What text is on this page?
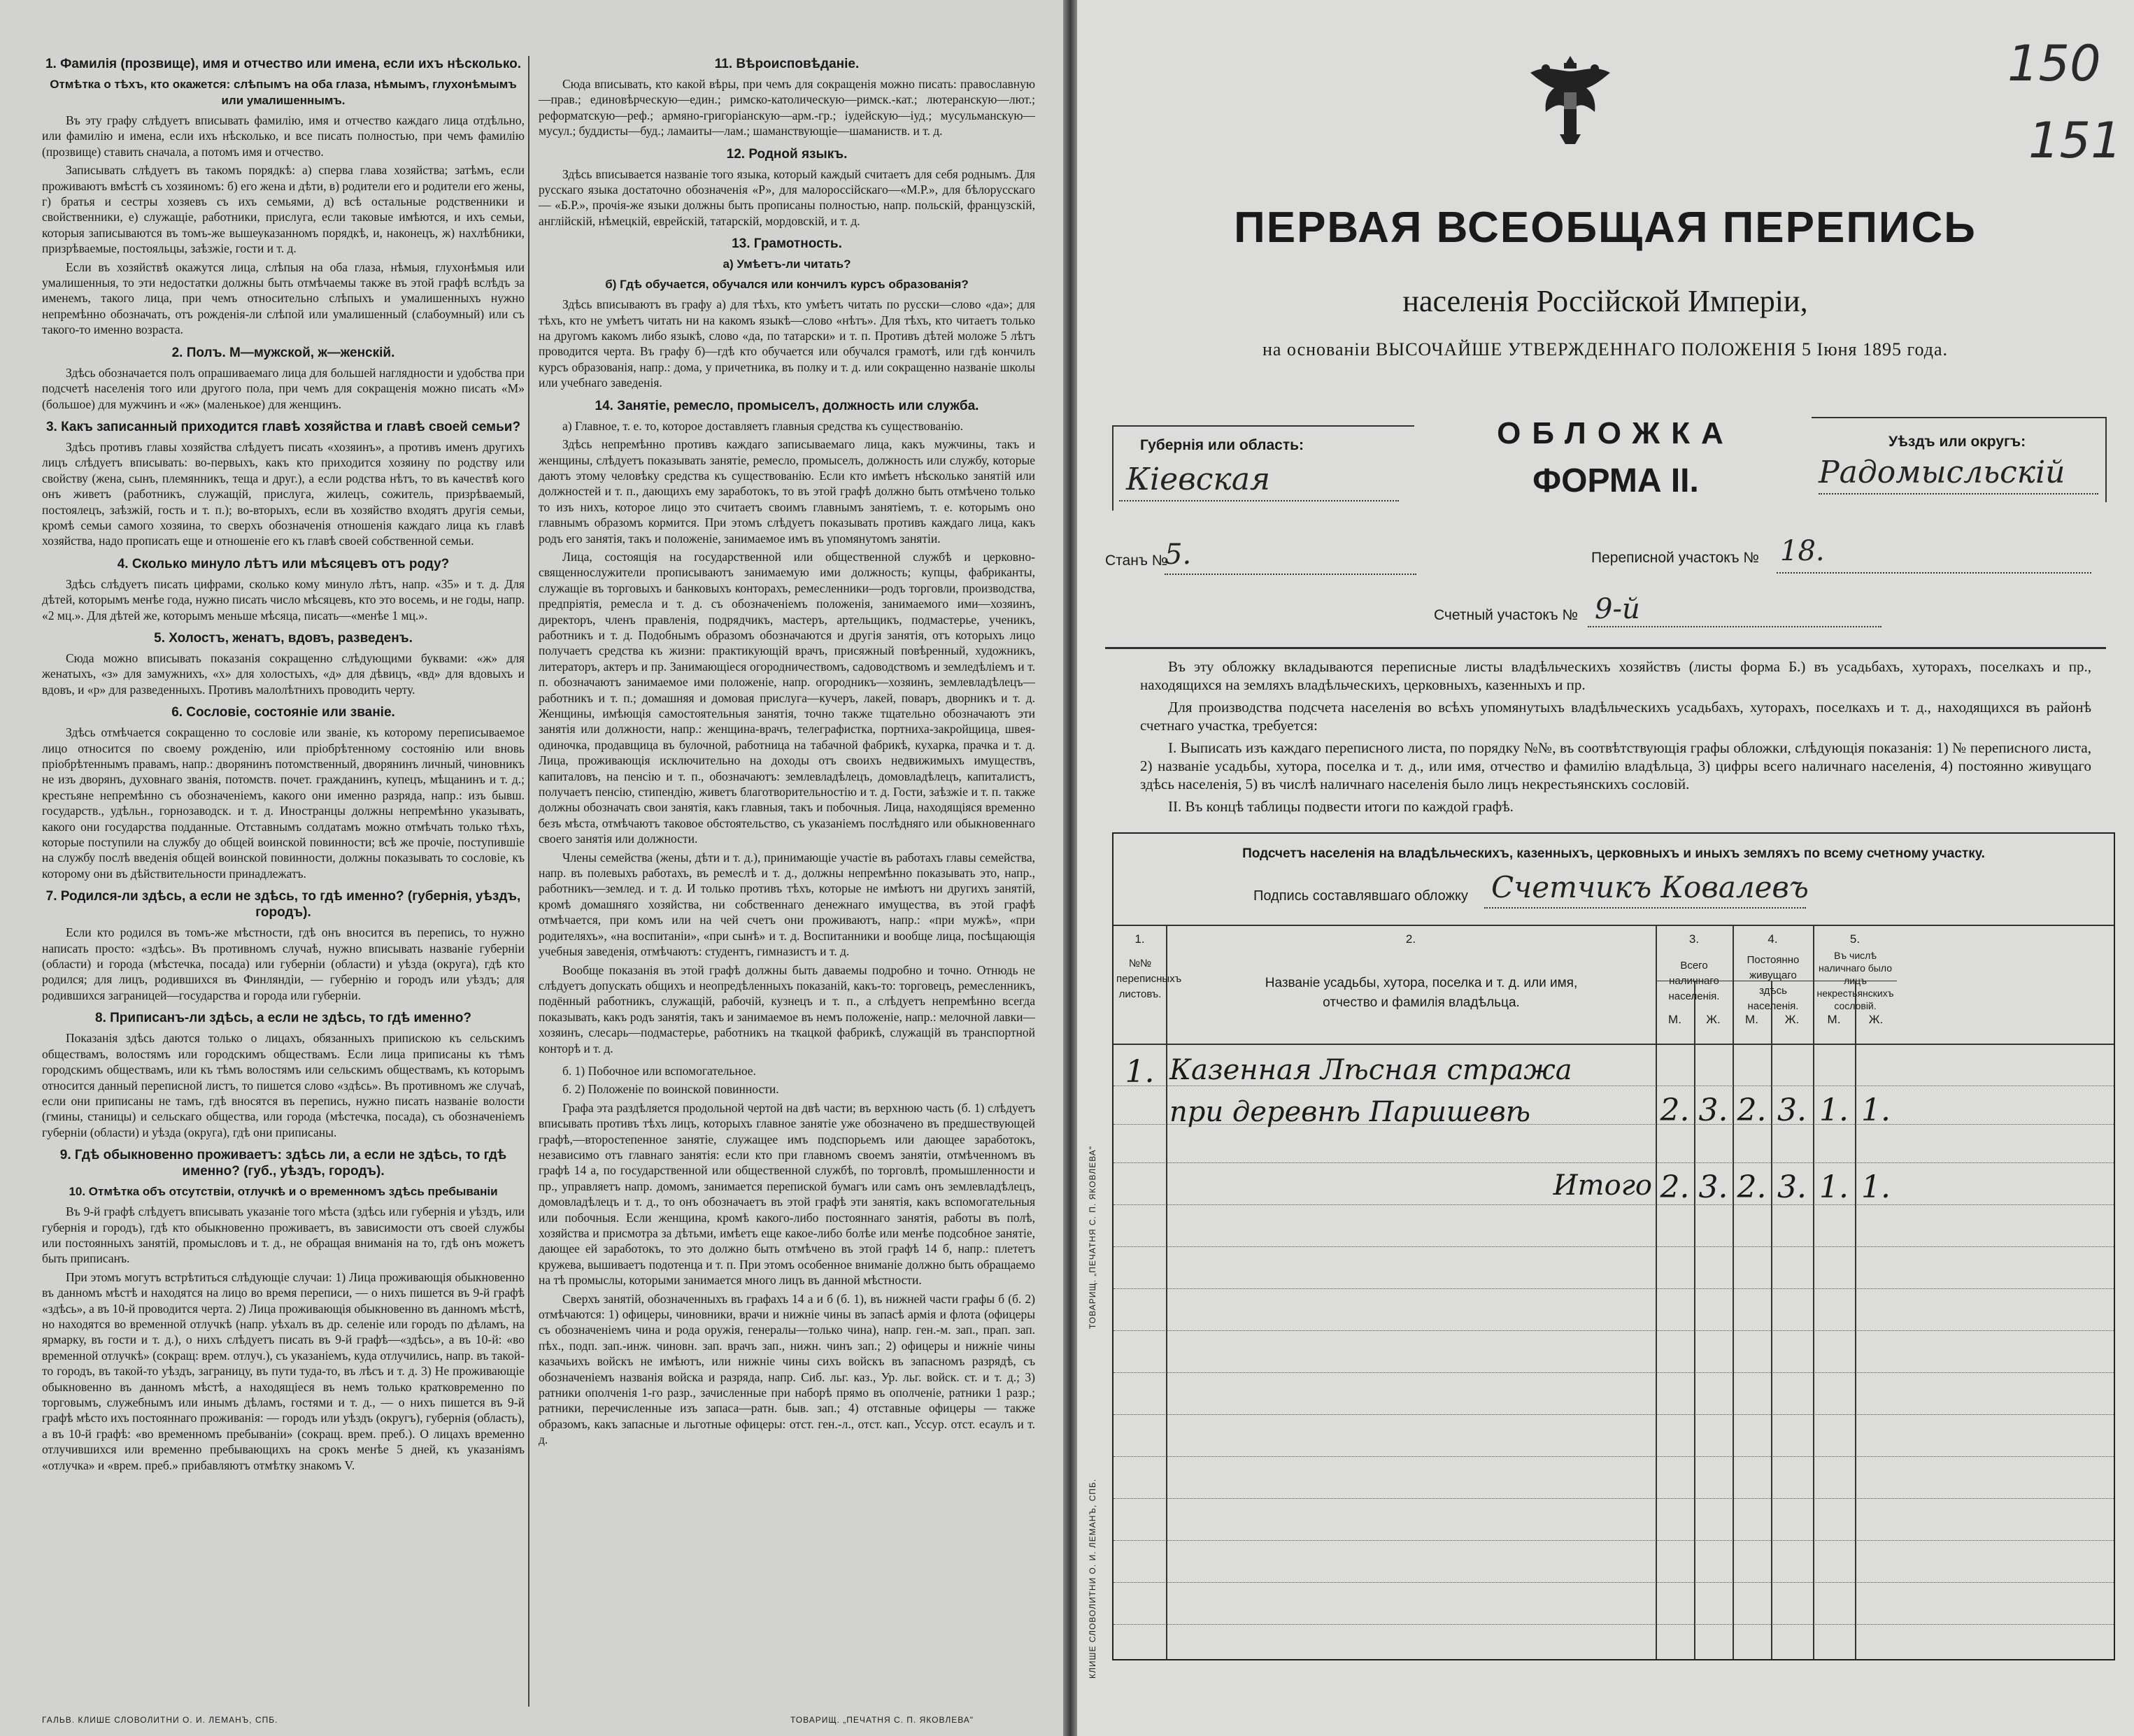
1. Фамилія (прозвище), имя и отчество или имена, если ихъ нѣсколько.
Отмѣтка о тѣхъ, кто окажется: слѣпымъ на оба глаза, нѣмымъ, глухонѣмымъ или умалишеннымъ.

Въ эту графу слѣдуетъ вписывать фамилію, имя и отчество каждаго лица отдѣльно, или фамилію и имена, если ихъ нѣсколько, и все писать полностью, при чемъ фамилію (прозвище) ставить сначала, а потомъ имя и отчество.

Записывать слѣдуетъ въ такомъ порядкѣ: а) сперва глава хозяйства; затѣмъ, если проживаютъ вмѣстѣ съ хозяиномъ: б) его жена и дѣти, в) родители его и родители его жены, г) братья и сестры хозяевъ съ ихъ семьями, д) всѣ остальные родственники и свойственники, е) служащіе, работники, прислуга, если таковые имѣются, и ихъ семьи, которыя записываются въ томъ-же вышеуказанномъ порядкѣ, и, наконецъ, ж) нахлѣбники, призрѣваемые, постояльцы, заѣзжіе, гости и т. д.

Если въ хозяйствѣ окажутся лица, слѣпыя на оба глаза, нѣмыя, глухонѣмыя или умалишенныя, то эти недостатки должны быть отмѣчаемы также въ этой графѣ вслѣдъ за именемъ, такого лица, при чемъ относительно слѣпыхъ и умалишенныхъ нужно непремѣнно обозначать, отъ рожденія-ли слѣпой или умалишенный (слабоумный) или съ такого-то именно возраста.

2. Полъ. М—мужской, ж—женскій.

Здѣсь обозначается полъ опрашиваемаго лица для большей наглядности и удобства при подсчетѣ населенія того или другого пола, при чемъ для сокращенія можно писать «М» (большое) для мужчинъ и «ж» (маленькое) для женщинъ.

3. Какъ записанный приходится главѣ хозяйства и главѣ своей семьи?

Здѣсь противъ главы хозяйства слѣдуетъ писать «хозяинъ», а противъ именъ другихъ лицъ слѣдуетъ вписывать: во-первыхъ, какъ кто приходится хозяину по родству или свойству (жена, сынъ, племянникъ, теща и друг.), а если родства нѣтъ, то въ качествѣ кого онъ живетъ (работникъ, служащій, прислуга, жилецъ, сожитель, призрѣваемый, постоялецъ, заѣзжій, гость и т. п.); во-вторыхъ, если въ хозяйство входятъ другія семьи, кромѣ семьи самого хозяина, то сверхъ обозначенія отношенія каждаго лица къ главѣ хозяйства, надо прописать еще и отношеніе его къ главѣ своей собственной семьи.

4. Сколько минуло лѣтъ или мѣсяцевъ отъ роду?

Здѣсь слѣдуетъ писать цифрами, сколько кому минуло лѣтъ, напр. «35» и т. д. Для дѣтей, которымъ менѣе года, нужно писать число мѣсяцевъ, кто это восемь, и не годы, напр. «2 мц.». Для дѣтей же, которымъ меньше мѣсяца, писать—«менѣе 1 мц.».

5. Холостъ, женатъ, вдовъ, разведенъ.

Сюда можно вписывать показанія сокращенно слѣдующими буквами: «ж» для женатыхъ, «з» для замужнихъ, «х» для холостыхъ, «д» для дѣвицъ, «вд» для вдовыхъ и вдовъ, и «р» для разведенныхъ. Противъ малолѣтнихъ проводить черту.

6. Сословіе, состояніе или званіе.

Здѣсь отмѣчается сокращенно то сословіе или званіе, къ которому переписываемое лицо относится по своему рожденію, или пріобрѣтенному состоянію или вновь пріобрѣтеннымъ правамъ, напр.: дворянинъ потомственный, дворянинъ личный, чиновникъ не изъ дворянъ, духовнаго званія, потомств. почет. гражданинъ, купецъ, мѣщанинъ и т. д.; крестьяне непремѣнно съ обозначеніемъ, какого они именно разряда, напр.: изъ бывш. государств., удѣльн., горнозаводск. и т. д. Иностранцы должны непремѣнно указывать, какого они государства подданные. Отставнымъ солдатамъ можно отмѣчать только тѣхъ, которые поступили на службу до общей воинской повинности; всѣ же прочіе, поступившіе на службу послѣ введенія общей воинской повинности, должны показывать то сословіе, къ которому они въ дѣйствительности принадлежатъ.

7. Родился-ли здѣсь, а если не здѣсь, то гдѣ именно? (губернія, уѣздъ, городъ).

Если кто родился въ томъ-же мѣстности, гдѣ онъ вносится въ перепись, то нужно написать просто: «здѣсь». Въ противномъ случаѣ, нужно вписывать названіе губерніи (области) и города (мѣстечка, посада) или губерніи (области) и уѣзда (округа), гдѣ кто родился; для лицъ, родившихся въ Финляндіи, — губернію и городъ или уѣздъ; для родившихся заграницей—государства и города или губерніи.

8. Приписанъ-ли здѣсь, а если не здѣсь, то гдѣ именно?

Показанія здѣсь даются только о лицахъ, обязанныхъ припискою къ сельскимъ обществамъ, волостямъ или городскимъ обществамъ. Если лица приписаны къ тѣмъ городскимъ обществамъ, или къ тѣмъ волостямъ или сельскимъ обществамъ, къ которымъ относится данный переписной листъ, то пишется слово «здѣсь». Въ противномъ же случаѣ, если они приписаны не тамъ, гдѣ вносятся въ перепись, нужно писать названіе волости (гмины, станицы) и сельскаго общества, или города (мѣстечка, посада), съ обозначеніемъ губерніи (области) и уѣзда (округа), гдѣ они приписаны.

9. Гдѣ обыкновенно проживаетъ: здѣсь ли, а если не здѣсь, то гдѣ именно? (губ., уѣздъ, городъ).
10. Отмѣтка объ отсутствіи, отлучкѣ и о временномъ здѣсь пребываніи

Въ 9-й графѣ слѣдуетъ вписывать указаніе того мѣста (здѣсь или губернія и уѣздъ, или губернія и городъ), гдѣ кто обыкновенно проживаетъ, въ зависимости отъ своей службы или постоянныхъ занятій, промысловъ и т. д., не обращая вниманія на то, гдѣ онъ можетъ быть приписанъ.

При этомъ могутъ встрѣтиться слѣдующіе случаи: 1) Лица проживающія обыкновенно въ данномъ мѣстѣ и находятся на лицо во время переписи, — о нихъ пишется въ 9-й графѣ «здѣсь», а въ 10-й проводится черта. 2) Лица проживающія обыкновенно въ данномъ мѣстѣ, но находятся во временной отлучкѣ (напр. уѣхалъ въ др. селеніе или городъ по дѣламъ, на ярмарку, въ гости и т. д.), о нихъ слѣдуетъ писать въ 9-й графѣ—«здѣсь», а въ 10-й: «во временной отлучкѣ» (сокращ: врем. отлуч.), съ указаніемъ, куда отлучились, напр. въ такой-то городъ, въ такой-то уѣздъ, заграницу, въ пути туда-то, въ лѣсъ и т. д. 3) Не проживающіе обыкновенно въ данномъ мѣстѣ, а находящіеся въ немъ только кратковременно по торговымъ, служебнымъ или инымъ дѣламъ, гостями и т. д., — о нихъ пишется въ 9-й графѣ мѣсто ихъ постояннаго проживанія: — городъ или уѣздъ (округъ), губернія (область), а въ 10-й графѣ: «во временномъ пребываніи» (сокращ. врем. преб.). О лицахъ временно отлучившихся или временно пребывающихъ на срокъ менѣе 5 дней, къ указаніямъ «отлучка» и «врем. преб.» прибавляютъ отмѣтку знакомъ V.

11. Вѣроисповѣданіе.

Сюда вписывать, кто какой вѣры, при чемъ для сокращенія можно писать: православную—прав.; единовѣрческую—един.; римско-католическую—римск.-кат.; лютеранскую—лют.; реформатскую—реф.; армяно-григоріанскую—арм.-гр.; іудейскую—іуд.; мусульманскую—мусул.; буддисты—буд.; ламаиты—лам.; шаманствующіе—шаманиств. и т. д.

12. Родной языкъ.

Здѣсь вписывается названіе того языка, который каждый считаетъ для себя роднымъ. Для русскаго языка достаточно обозначенія «Р», для малороссійскаго—«М.Р.», для бѣлорусскаго — «Б.Р.», прочія-же языки должны быть прописаны полностью, напр. польскій, французскій, англійскій, нѣмецкій, еврейскій, татарскій, мордовскій, и т. д.

13. Грамотность.
а) Умѣетъ-ли читать?
б) Гдѣ обучается, обучался или кончилъ курсъ образованія?

Здѣсь вписываютъ въ графу а) для тѣхъ, кто умѣетъ читать по русски—слово «да»; для тѣхъ, кто не умѣетъ читать ни на какомъ языкѣ—слово «нѣтъ». Для тѣхъ, кто читаетъ только на другомъ какомъ либо языкѣ, слово «да, по татарски» и т. п. Противъ дѣтей моложе 5 лѣтъ проводится черта. Въ графу б)—гдѣ кто обучается или обучался грамотѣ, или гдѣ кончилъ курсъ образованія, напр.: дома, у причетника, въ полку и т. д. или сокращенно названіе школы или учебнаго заведенія.

14. Занятіе, ремесло, промыселъ, должность или служба.

а) Главное, т. е. то, которое доставляетъ главныя средства къ существованію.

Здѣсь непремѣнно противъ каждаго записываемаго лица, какъ мужчины, такъ и женщины, слѣдуетъ показывать занятіе, ремесло, промыселъ, должность или службу, которые даютъ этому человѣку средства къ существованію. Если кто имѣетъ нѣсколько занятій или должностей и т. п., дающихъ ему заработокъ, то въ этой графѣ должно быть отмѣчено только то изъ нихъ, которое лицо это считаетъ своимъ главнымъ занятіемъ, т. е. которымъ оно главнымъ образомъ кормится. При этомъ слѣдуетъ показывать противъ каждаго лица, какъ родъ его занятія, такъ и положеніе, занимаемое имъ въ упомянутомъ занятіи.

Лица, состоящія на государственной или общественной службѣ и церковно-священнослужители прописываютъ занимаемую ими должность; купцы, фабриканты, служащіе въ торговыхъ и банковыхъ конторахъ, ремесленники—родъ торговли, производства, предпріятія, ремесла и т. д. съ обозначеніемъ положенія, занимаемого ими—хозяинъ, директоръ, членъ правленія, подрядчикъ, мастеръ, артельщикъ, подмастерье, ученикъ, работникъ и т. д. Подобнымъ образомъ обозначаются и другія занятія, отъ которыхъ лицо получаетъ средства къ жизни: практикующій врачъ, присяжный повѣренный, художникъ, литераторъ, актеръ и пр. Занимающіеся огородничествомъ, садоводствомъ и земледѣліемъ и т. п. обозначаютъ занимаемое ими положеніе, напр. огородникъ—хозяинъ, землевладѣлецъ—работникъ и т. п.; домашняя и домовая прислуга—кучеръ, лакей, поваръ, дворникъ и т. д. Женщины, имѣющія самостоятельныя занятія, точно также тщательно обозначаютъ эти занятія или должности, напр.: женщина-врачъ, телеграфистка, портниха-закройщица, швея-одиночка, продавщица въ булочной, работница на табачной фабрикѣ, кухарка, прачка и т. д. Лица, проживающія исключительно на доходы отъ своихъ недвижимыхъ имуществъ, капиталовъ, на пенсію и т. п., обозначаютъ: землевладѣлецъ, домовладѣлецъ, капиталистъ, получаетъ пенсію, стипендію, живетъ благотворительностію и т. д. Гости, заѣзжіе и т. п. также должны обозначать свои занятія, какъ главныя, такъ и побочныя. Лица, находящіяся временно безъ мѣста, отмѣчаютъ таковое обстоятельство, съ указаніемъ послѣдняго или обыкновеннаго своего занятія или должности.

Члены семейства (жены, дѣти и т. д.), принимающіе участіе въ работахъ главы семейства, напр. въ полевыхъ работахъ, въ ремеслѣ и т. д., должны непремѣнно показывать это, напр., работникъ—землед. и т. д. И только противъ тѣхъ, которые не имѣютъ ни другихъ занятій, кромѣ домашняго хозяйства, ни собственнаго денежнаго имущества, въ этой графѣ отмѣчается, при комъ или на чей счетъ они проживаютъ, напр.: «при мужѣ», «при родителяхъ», «на воспитаніи», «при сынѣ» и т. д. Воспитанники и вообще лица, посѣщающія учебныя заведенія, отмѣчаютъ: студентъ, гимназистъ и т. д.

Вообще показанія въ этой графѣ должны быть даваемы подробно и точно. Отнюдь не слѣдуетъ допускать общихъ и неопредѣленныхъ показаній, какъ-то: торговецъ, ремесленникъ, подённый работникъ, служащій, рабочій, кузнецъ и т. п., а слѣдуетъ непремѣнно всегда показывать, какъ родъ занятія, такъ и занимаемое въ немъ положеніе, напр.: мелочной лавки—хозяинъ, слесарь—подмастерье, работникъ на ткацкой фабрикѣ, служащій въ транспортной конторѣ и т. д.

б. 1) Побочное или вспомогательное.

б. 2) Положеніе по воинской повинности.

Графа эта раздѣляется продольной чертой на двѣ части; въ верхнюю часть (б. 1) слѣдуетъ вписывать противъ тѣхъ лицъ, которыхъ главное занятіе уже обозначено въ предшествующей графѣ,—второстепенное занятіе, служащее имъ подспорьемъ или дающее заработокъ, независимо отъ главнаго занятія: если кто при главномъ своемъ занятіи, отмѣченномъ въ графѣ 14 а, по государственной или общественной службѣ, по торговлѣ, промышленности и пр., управляетъ напр. домомъ, занимается перепиской бумагъ или самъ онъ землевладѣлецъ, домовладѣлецъ и т. д., то онъ обозначаетъ въ этой графѣ эти занятія, какъ вспомогательныя или побочныя. Если женщина, кромѣ какого-либо постояннаго занятія, работы въ полѣ, хозяйства и присмотра за дѣтьми, имѣетъ еще какое-либо болѣе или менѣе подсобное занятіе, дающее ей заработокъ, то это должно быть отмѣчено въ этой графѣ 14 б, напр.: плететъ кружева, вышиваетъ подотенца и т. п. При этомъ особенное вниманіе должно быть обращаемо на тѣ промыслы, которыми занимается много лицъ въ данной мѣстности.

Сверхъ занятій, обозначенныхъ въ графахъ 14 а и б (б. 1), въ нижней части графы б (б. 2) отмѣчаются: 1) офицеры, чиновники, врачи и нижніе чины въ запасѣ армія и флота (офицеры съ обозначеніемъ чина и рода оружія, генералы—только чина), напр. ген.-м. зап., прап. зап. пѣх., подп. зап.-инж. чиновн. зап. врачъ зап., нижн. чинъ зап.; 2) офицеры и нижніе чины казачьихъ войскъ не имѣютъ, или нижніе чины сихъ войскъ въ запасномъ разрядѣ, съ обозначеніемъ названія войска и разряда, напр. Сиб. льг. каз., Ур. льг. войск. ст. и т. д.; 3) ратники ополченія 1-го разр., зачисленные при наборѣ прямо въ ополченіе, ратники 1 разр.; ратники, перечисленные изъ запаса—ратн. быв. зап.; 4) отставные офицеры — также образомъ, какъ запасные и льготные офицеры: отст. ген.-л., отст. кап., Уссур. отст. есаулъ и т. д.

ГАЛЬВ. КЛИШЕ СЛОВОЛИТНИ О. И. ЛЕМАНЪ, СПБ.	ТОВАРИЩ. „ПЕЧАТНЯ С. П. ЯКОВЛЕВА"
150
151
ПЕРВАЯ ВСЕОБЩАЯ ПЕРЕПИСЬ
населенія Россійской Имперіи,
на основаніи ВЫСОЧАЙШЕ УТВЕРЖДЕННАГО ПОЛОЖЕНІЯ 5 Іюня 1895 года.
Губернія или область:
Кіевская
ОБЛОЖКА
ФОРМА II.
Уѣздъ или округъ:
Радомысльскій
Станъ №
5.	Переписной участокъ № 18.
Счетный участокъ № 9-й

Въ эту обложку вкладываются переписные листы владѣльческихъ хозяйствъ (листы форма Б.) въ усадьбахъ, хуторахъ, поселкахъ и пр., находящихся на земляхъ владѣльческихъ, церковныхъ, казенныхъ и пр.

Для производства подсчета населенія во всѣхъ упомянутыхъ владѣльческихъ усадьбахъ, хуторахъ, поселкахъ и т. д., находящихся въ районѣ счетнаго участка, требуется:

I. Выписать изъ каждаго переписного листа, по порядку №№, въ соотвѣтствующія графы обложки, слѣдующія показанія: 1) № переписного листа, 2) названіе усадьбы, хутора, поселка и т. д., или имя, отчество и фамилію владѣльца, 3) цифры всего наличнаго населенія, 4) постоянно живущаго здѣсь населенія, 5) въ числѣ наличнаго населенія было лицъ некрестьянскихъ сословій.

II. Въ концѣ таблицы подвести итоги по каждой графѣ.

Подсчетъ населенія на владѣльческихъ, казенныхъ, церковныхъ и иныхъ земляхъ по всему счетному участку.
Подпись составлявшаго обложку Счетчикъ Ковалевъ
1.	2.	3.	4.	5.
№№ переписныхъ листовъ.
Названіе усадьбы, хутора, поселка и т. д. или имя, отчество и фамилія владѣльца.
Всего наличнаго населенія.
Постоянно живущаго здѣсь населенія.
Въ числѣ наличнаго было лицъ некрестьянскихъ сословій.
М.	Ж.	М.	Ж.	М.	Ж.
1. Казенная Лѣсная стража
при деревнѣ Паришевѣ	2. 3. 2. 3. 1. 1.
Итого 2. 3. 2. 3. 1. 1.
ТОВАРИЩ. „ПЕЧАТНЯ С. П. ЯКОВЛЕВА"
КЛИШЕ СЛОВОЛИТНИ О. И. ЛЕМАНЪ, СПБ.
